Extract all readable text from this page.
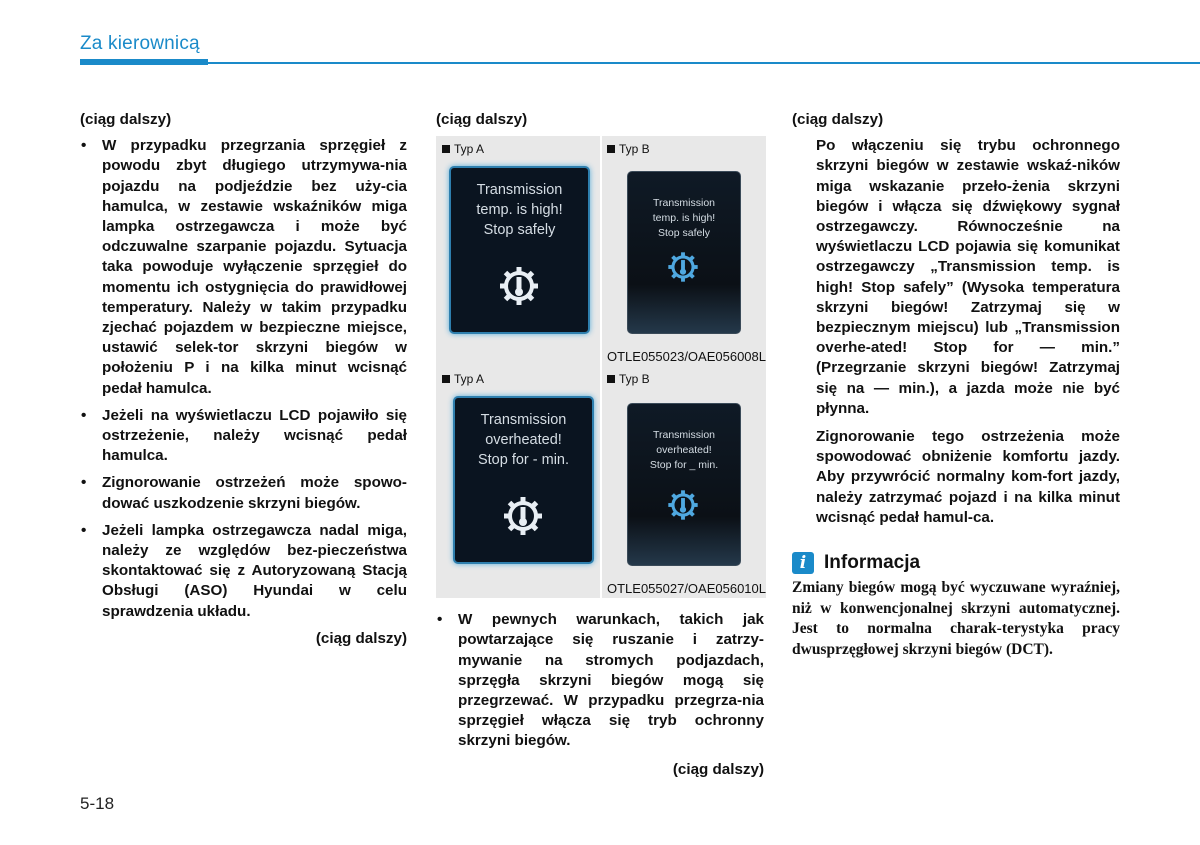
Za kierownicą
(ciąg dalszy)
• W przypadku przegrzania sprzęgieł z powodu zbyt długiego utrzymywa-nia pojazdu na podjeździe bez uży-cia hamulca, w zestawie wskaźników miga lampka ostrzegawcza i może być odczuwalne szarpanie pojazdu. Sytuacja taka powoduje wyłączenie sprzęgieł do momentu ich ostygnięcia do prawidłowej temperatury. Należy w takim przypadku zjechać pojazdem w bezpieczne miejsce, ustawić selek-tor skrzyni biegów w położeniu P i na kilka minut wcisnąć pedał hamulca.
• Jeżeli na wyświetlaczu LCD pojawiło się ostrzeżenie, należy wcisnąć pedał hamulca.
• Zignorowanie ostrzeżeń może spowo-dować uszkodzenie skrzyni biegów.
• Jeżeli lampka ostrzegawcza nadal miga, należy ze względów bez-pieczeństwa skontaktować się z Autoryzowaną Stacją Obsługi (ASO) Hyundai w celu sprawdzenia układu.
(ciąg dalszy)
(ciąg dalszy)
Typ A	Typ B
Transmission
temp. is high!
Stop safely
Transmission
temp. is high!
Stop safely
OTLE055023/OAE056008L
Typ A	Typ B
Transmission
overheated!
Stop for - min.
Transmission
overheated!
Stop for _ min.
OTLE055027/OAE056010L
• W pewnych warunkach, takich jak powtarzające się ruszanie i zatrzy-mywanie na stromych podjazdach, sprzęgła skrzyni biegów mogą się przegrzewać. W przypadku przegrza-nia sprzęgieł włącza się tryb ochronny skrzyni biegów.
(ciąg dalszy)
(ciąg dalszy)
Po włączeniu się trybu ochronnego skrzyni biegów w zestawie wskaź-ników miga wskazanie przeło-żenia skrzyni biegów i włącza się dźwiękowy sygnał ostrzegawczy. Równocześnie na wyświetlaczu LCD pojawia się komunikat ostrzegawczy „Transmission temp. is high! Stop safely” (Wysoka temperatura skrzyni biegów! Zatrzymaj się w bezpiecznym miejscu) lub „Transmission overhe-ated! Stop for — min.” (Przegrzanie skrzyni biegów! Zatrzymaj się na — min.), a jazda może nie być płynna.
Zignorowanie tego ostrzeżenia może spowodować obniżenie komfortu jazdy. Aby przywrócić normalny kom-fort jazdy, należy zatrzymać pojazd i na kilka minut wcisnąć pedał hamul-ca.
i Informacja
Zmiany biegów mogą być wyczuwane wyraźniej, niż w konwencjonalnej skrzyni automatycznej. Jest to normalna charak-terystyka pracy dwusprzęgłowej skrzyni biegów (DCT).
5-18
